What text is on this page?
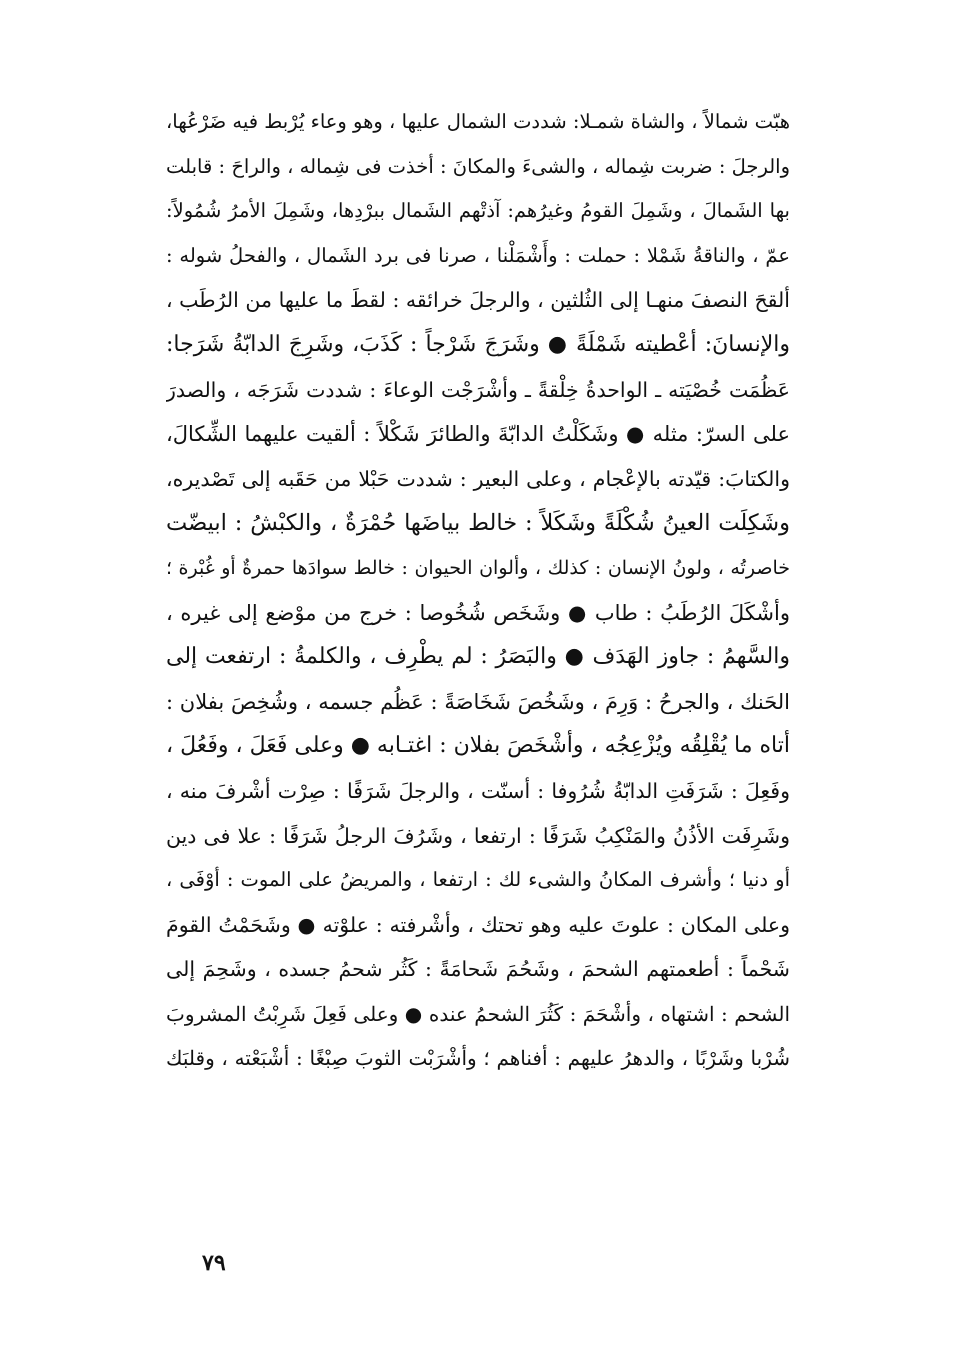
هبّت شمالاً ، والشاة شمـلا: شددت الشمال عليها ، وهو وعاء يُرْبط فيه ضَرْعُها،
والرجلَ : ضربت شِماله ، والشىءَ والمكانَ : أخذت فى شِماله ، والراحَ : قابلت
بها الشَمالَ ، وشَمِلَ القومُ وغيرُهم: آذتْهم الشَمال ببرْدِها، وشَمِلَ الأمرُ شُمُولاً:
عمّ ، والناقةُ شَمْلا : حملت : وأَشْمَلْنا ، صرنا فى برد الشَمال ، والفحلُ شوله :
ألقحَ النصفَ منهـا إلى الثُلثين ، والرجلَ خرائقه : لقطَ ما عليها من الرُطَب ،
والإنسانَ: أعْطيته شَمْلَةً ● وشَرَجَ شَرْجاً : كَذَبَ، وشَرِجَ الدابّةُ شَرَجا:
عَظُمَت خُصْيَته ـ الواحدةُ خِلْقةً ـ وأشْرَجْت الوعاءَ : شددت شَرَجَه ، والصدرَ
على السرّ: مثله ● وشَكَلْتُ الدابّةَ والطائرَ شَكْلاً : ألقيت عليهما الشِّكالَ،
والكتابَ: قيّدته بالإعْجام ، وعلى البعير : شددت حَبْلا من حَقَبه إلى تَصْديره،
وشَكِلَت العينُ شُكْلَةً وشَكَلاً : خالط بياضَها حُمْرَةٌ ، والكبْشُ : ابيضّت
خاصرتُه ، ولونُ الإنسان : كذلك ، وألوان الحيوان : خالط سوادَها حمرةٌ أو غُبْرة ؛
وأشْكَلَ الرُطَبُ : طاب ● وشَخَص شُخُوصا : خرج من موْضع إلى غيره ،
والسَّهمُ : جاوز الهَدَف ● والبَصَرُ : لم يطْرِف ، والكلمةُ : ارتفعت إلى
الحَنك ، والجرحُ : وَرِمَ ، وشَخُصَ شَخَاصَةً : عَظُم جسمه ، وشُخِصَ بفلان :
أتاه ما يُقْلِقُه ويُزْعِجُه ، وأشْخَصَ بفلان : اغتـابه ● وعلى فَعَلَ ، وفَعُلَ ،
وفَعِلَ : شَرَفَتِ الدابّةُ شُرُوفا : أسنّت ، والرجلَ شَرَفًا : صِرْت أشْرفَ منه ،
وشَرِفَت الأذُنُ والمَنْكِبُ شَرَفًا : ارتفعا ، وشَرُفَ الرجلُ شَرَفًا : علا فى دين
أو دنيا ؛ وأشرف المكانُ والشىء لك : ارتفعا ، والمريضُ على الموت : أوْفَى ،
وعلى المكان : علوتَ عليه وهو تحتك ، وأشْرفته : علوْته ● وشَحَمْتُ القومَ
شَحْماً : أطعمتهم الشحمَ ، وشَحُمَ شَحامَةً : كَثُر شحمُ جسده ، وشَحِمَ إلى
الشحم : اشتهاه ، وأشْحَمَ : كَثُرَ الشحمُ عنده ● وعلى فَعِلَ شَرِبْتُ المشروبَ
شُرْبا وشَرْبًا ، والدهرُ عليهم : أفناهم ؛ وأشْرَبْت الثوبَ صِبْغًا : أشْبَعْته ، وقلبَك
٧٩
